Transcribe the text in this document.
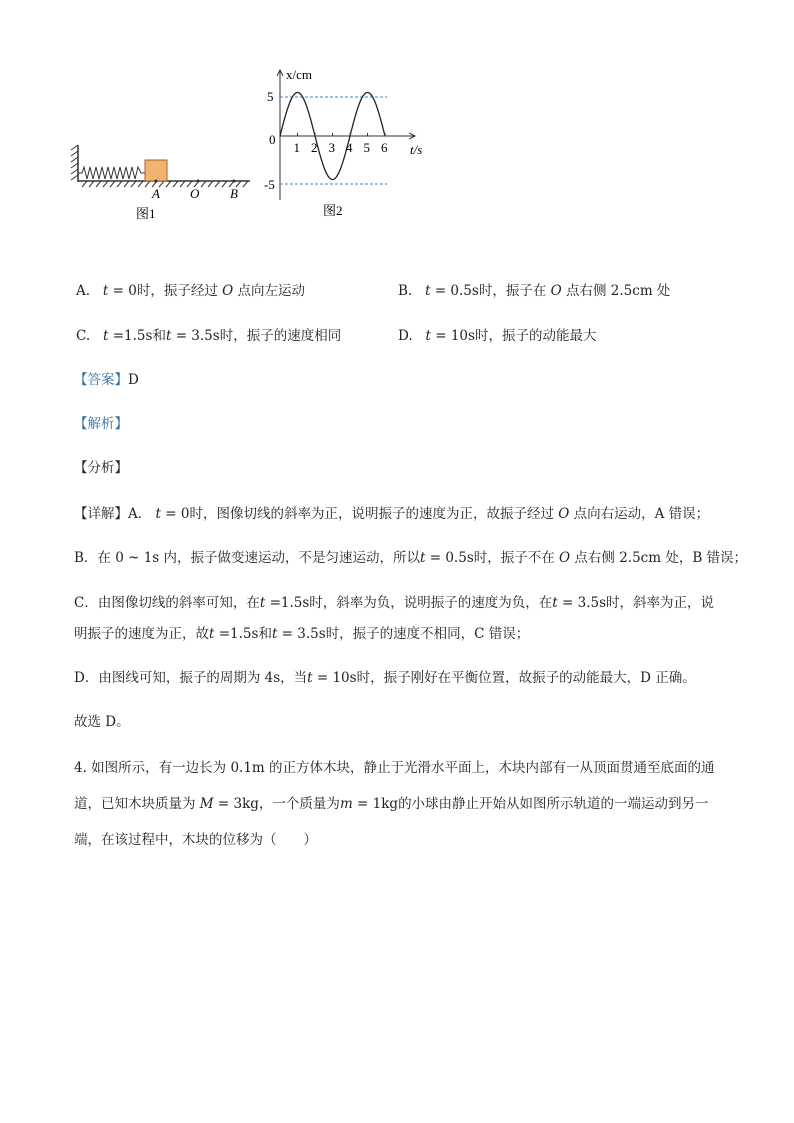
A O B
图1
x/cm
t/s
5
0
-5
1 2 3 4 5 6
图2
A. t = 0时，振子经过 O 点向左运动	B. t = 0.5s时，振子在 O 点右侧 2.5cm 处
C. t =1.5s和t = 3.5s时，振子的速度相同	D. t = 10s时，振子的动能最大
【答案】D
【解析】
【分析】
【详解】A． t = 0时，图像切线的斜率为正，说明振子的速度为正，故振子经过 O 点向右运动，A 错误；
B．在 0 ~ 1s 内，振子做变速运动，不是匀速运动，所以t = 0.5s时，振子不在 O 点右侧 2.5cm 处，B 错误；
C．由图像切线的斜率可知，在t =1.5s时，斜率为负，说明振子的速度为负，在t = 3.5s时，斜率为正，说
明振子的速度为正，故t =1.5s和t = 3.5s时，振子的速度不相同，C 错误；
D．由图线可知，振子的周期为 4s，当t = 10s时，振子刚好在平衡位置，故振子的动能最大，D 正确。
故选 D。
4. 如图所示，有一边长为 0.1m 的正方体木块，静止于光滑水平面上，木块内部有一从顶面贯通至底面的通
道，已知木块质量为 M = 3kg，一个质量为m = 1kg的小球由静止开始从如图所示轨道的一端运动到另一
端，在该过程中，木块的位移为（　　）
